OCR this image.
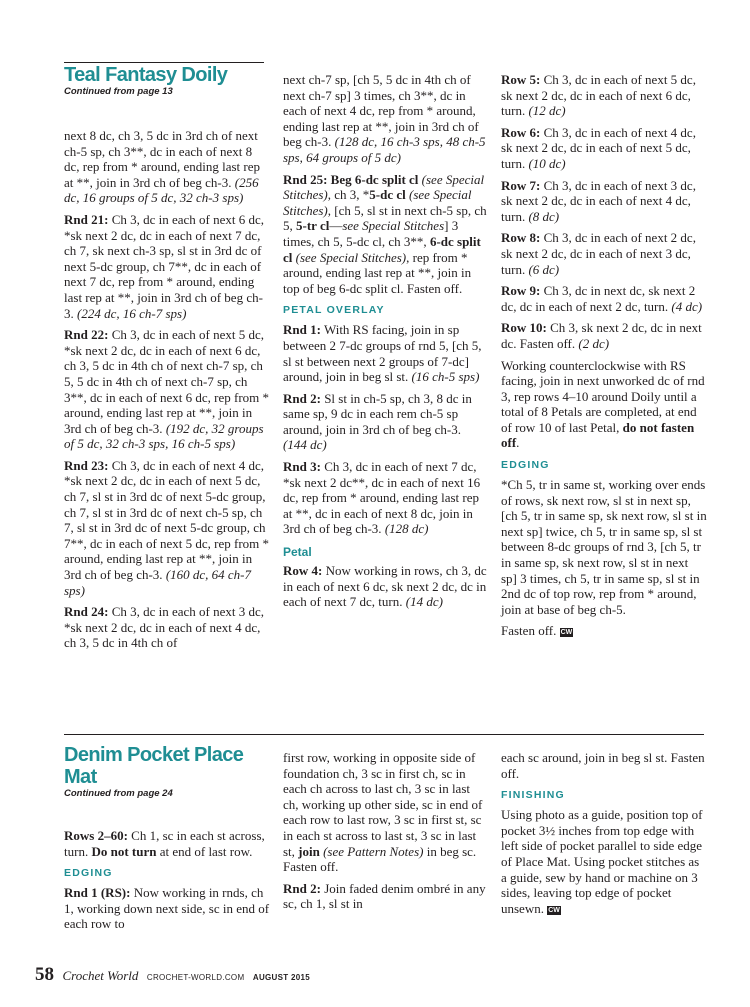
Teal Fantasy Doily

Continued from page 13

next 8 dc, ch 3, 5 dc in 3rd ch of next ch-5 sp, ch 3**, dc in each of next 8 dc, rep from * around, ending last rep at **, join in 3rd ch of beg ch-3. (256 dc, 16 groups of 5 dc, 32 ch-3 sps)

Rnd 21: Ch 3, dc in each of next 6 dc, *sk next 2 dc, dc in each of next 7 dc, ch 7, sk next ch-3 sp, sl st in 3rd dc of next 5-dc group, ch 7**, dc in each of next 7 dc, rep from * around, ending last rep at **, join in 3rd ch of beg ch-3. (224 dc, 16 ch-7 sps)

Rnd 22: Ch 3, dc in each of next 5 dc, *sk next 2 dc, dc in each of next 6 dc, ch 3, 5 dc in 4th ch of next ch-7 sp, ch 5, 5 dc in 4th ch of next ch-7 sp, ch 3**, dc in each of next 6 dc, rep from * around, ending last rep at **, join in 3rd ch of beg ch-3. (192 dc, 32 groups of 5 dc, 32 ch-3 sps, 16 ch-5 sps)

Rnd 23: Ch 3, dc in each of next 4 dc, *sk next 2 dc, dc in each of next 5 dc, ch 7, sl st in 3rd dc of next 5-dc group, ch 7, sl st in 3rd dc of next ch-5 sp, ch 7, sl st in 3rd dc of next 5-dc group, ch 7**, dc in each of next 5 dc, rep from * around, ending last rep at **, join in 3rd ch of beg ch-3. (160 dc, 64 ch-7 sps)

Rnd 24: Ch 3, dc in each of next 3 dc, *sk next 2 dc, dc in each of next 4 dc, ch 3, 5 dc in 4th ch of

next ch-7 sp, [ch 5, 5 dc in 4th ch of next ch-7 sp] 3 times, ch 3**, dc in each of next 4 dc, rep from * around, ending last rep at **, join in 3rd ch of beg ch-3. (128 dc, 16 ch-3 sps, 48 ch-5 sps, 64 groups of 5 dc)

Rnd 25: Beg 6-dc split cl (see Special Stitches), ch 3, *5-dc cl (see Special Stitches), [ch 5, sl st in next ch-5 sp, ch 5, 5-tr cl—see Special Stitches] 3 times, ch 5, 5-dc cl, ch 3**, 6-dc split cl (see Special Stitches), rep from * around, ending last rep at **, join in top of beg 6-dc split cl. Fasten off.

PETAL OVERLAY

Rnd 1: With RS facing, join in sp between 2 7-dc groups of rnd 5, [ch 5, sl st between next 2 groups of 7-dc] around, join in beg sl st. (16 ch-5 sps)

Rnd 2: Sl st in ch-5 sp, ch 3, 8 dc in same sp, 9 dc in each rem ch-5 sp around, join in 3rd ch of beg ch-3. (144 dc)

Rnd 3: Ch 3, dc in each of next 7 dc, *sk next 2 dc**, dc in each of next 16 dc, rep from * around, ending last rep at **, dc in each of next 8 dc, join in 3rd ch of beg ch-3. (128 dc)

Petal

Row 4: Now working in rows, ch 3, dc in each of next 6 dc, sk next 2 dc, dc in each of next 7 dc, turn. (14 dc)

Row 5: Ch 3, dc in each of next 5 dc, sk next 2 dc, dc in each of next 6 dc, turn. (12 dc)

Row 6: Ch 3, dc in each of next 4 dc, sk next 2 dc, dc in each of next 5 dc, turn. (10 dc)

Row 7: Ch 3, dc in each of next 3 dc, sk next 2 dc, dc in each of next 4 dc, turn. (8 dc)

Row 8: Ch 3, dc in each of next 2 dc, sk next 2 dc, dc in each of next 3 dc, turn. (6 dc)

Row 9: Ch 3, dc in next dc, sk next 2 dc, dc in each of next 2 dc, turn. (4 dc)

Row 10: Ch 3, sk next 2 dc, dc in next dc. Fasten off. (2 dc)

Working counterclockwise with RS facing, join in next unworked dc of rnd 3, rep rows 4–10 around Doily until a total of 8 Petals are completed, at end of row 10 of last Petal, do not fasten off.

EDGING

*Ch 5, tr in same st, working over ends of rows, sk next row, sl st in next sp, [ch 5, tr in same sp, sk next row, sl st in next sp] twice, ch 5, tr in same sp, sl st between 8-dc groups of rnd 3, [ch 5, tr in same sp, sk next row, sl st in next sp] 3 times, ch 5, tr in same sp, sl st in 2nd dc of top row, rep from * around, join at base of beg ch-5.

Fasten off. CW

Denim Pocket Place Mat

Continued from page 24

Rows 2–60: Ch 1, sc in each st across, turn. Do not turn at end of last row.

EDGING

Rnd 1 (RS): Now working in rnds, ch 1, working down next side, sc in end of each row to

first row, working in opposite side of foundation ch, 3 sc in first ch, sc in each ch across to last ch, 3 sc in last ch, working up other side, sc in end of each row to last row, 3 sc in first st, sc in each st across to last st, 3 sc in last st, join (see Pattern Notes) in beg sc. Fasten off.

Rnd 2: Join faded denim ombré in any sc, ch 1, sl st in

each sc around, join in beg sl st. Fasten off.

FINISHING

Using photo as a guide, position top of pocket 3½ inches from top edge with left side of pocket parallel to side edge of Place Mat. Using pocket stitches as a guide, sew by hand or machine on 3 sides, leaving top edge of pocket unsewn. CW

58 Crochet World CROCHET-WORLD.COM AUGUST 2015
